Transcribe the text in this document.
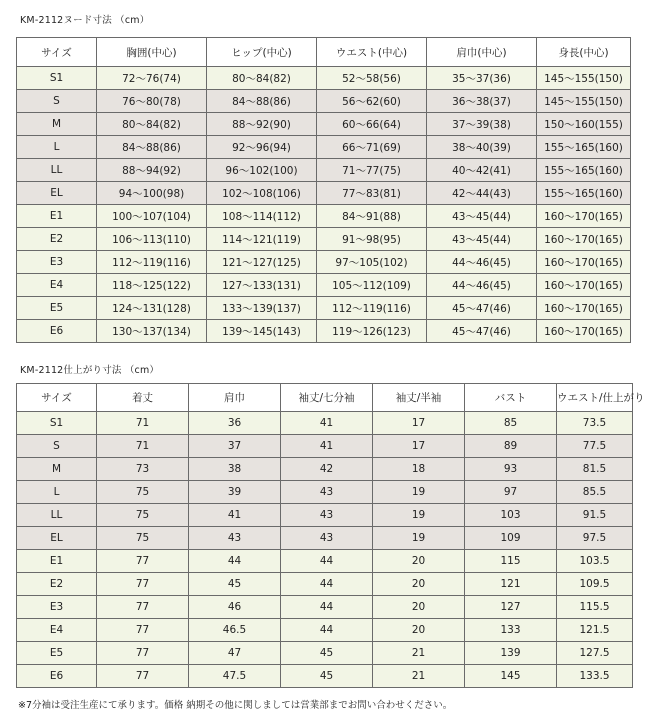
KM-2112ヌード寸法 （cm）
サイズ	胸囲(中心)	ヒップ(中心)	ウエスト(中心)	肩巾(中心)	身長(中心)
S1	72～76(74)	80～84(82)	52～58(56)	35～37(36)	145～155(150)
S	76～80(78)	84～88(86)	56～62(60)	36～38(37)	145～155(150)
M	80～84(82)	88～92(90)	60～66(64)	37～39(38)	150～160(155)
L	84～88(86)	92～96(94)	66～71(69)	38～40(39)	155～165(160)
LL	88～94(92)	96～102(100)	71～77(75)	40～42(41)	155～165(160)
EL	94～100(98)	102～108(106)	77～83(81)	42～44(43)	155～165(160)
E1	100～107(104)	108～114(112)	84～91(88)	43～45(44)	160～170(165)
E2	106～113(110)	114～121(119)	91～98(95)	43～45(44)	160～170(165)
E3	112～119(116)	121～127(125)	97～105(102)	44～46(45)	160～170(165)
E4	118～125(122)	127～133(131)	105～112(109)	44～46(45)	160～170(165)
E5	124～131(128)	133～139(137)	112～119(116)	45～47(46)	160～170(165)
E6	130～137(134)	139～145(143)	119～126(123)	45～47(46)	160～170(165)
KM-2112仕上がり寸法 （cm）
サイズ	着丈	肩巾	袖丈/七分袖	袖丈/半袖	バスト	ウエスト/仕上がり
S1	71	36	41	17	85	73.5
S	71	37	41	17	89	77.5
M	73	38	42	18	93	81.5
L	75	39	43	19	97	85.5
LL	75	41	43	19	103	91.5
EL	75	43	43	19	109	97.5
E1	77	44	44	20	115	103.5
E2	77	45	44	20	121	109.5
E3	77	46	44	20	127	115.5
E4	77	46.5	44	20	133	121.5
E5	77	47	45	21	139	127.5
E6	77	47.5	45	21	145	133.5
※7分袖は受注生産にて承ります。価格 納期その他に関しましては営業部までお問い合わせください。
